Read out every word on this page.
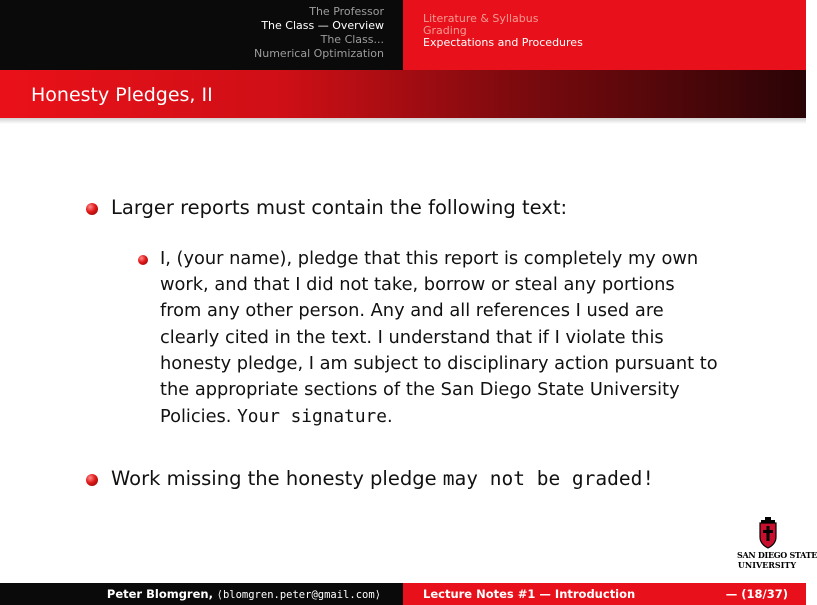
The Professor
The Class — Overview
The Class...
Numerical Optimization
Literature & Syllabus
Grading
Expectations and Procedures
Honesty Pledges, II
Larger reports must contain the following text:
I, (your name), pledge that this report is completely my own
work, and that I did not take, borrow or steal any portions
from any other person. Any and all references I used are
clearly cited in the text. I understand that if I violate this
honesty pledge, I am subject to disciplinary action pursuant to
the appropriate sections of the San Diego State University
Policies. Your signature.
Work missing the honesty pledge may not be graded!
SAN DIEGO STATE
UNIVERSITY
Peter Blomgren, ⟨blomgren.peter@gmail.com⟩	Lecture Notes #1 — Introduction	— (18/37)
